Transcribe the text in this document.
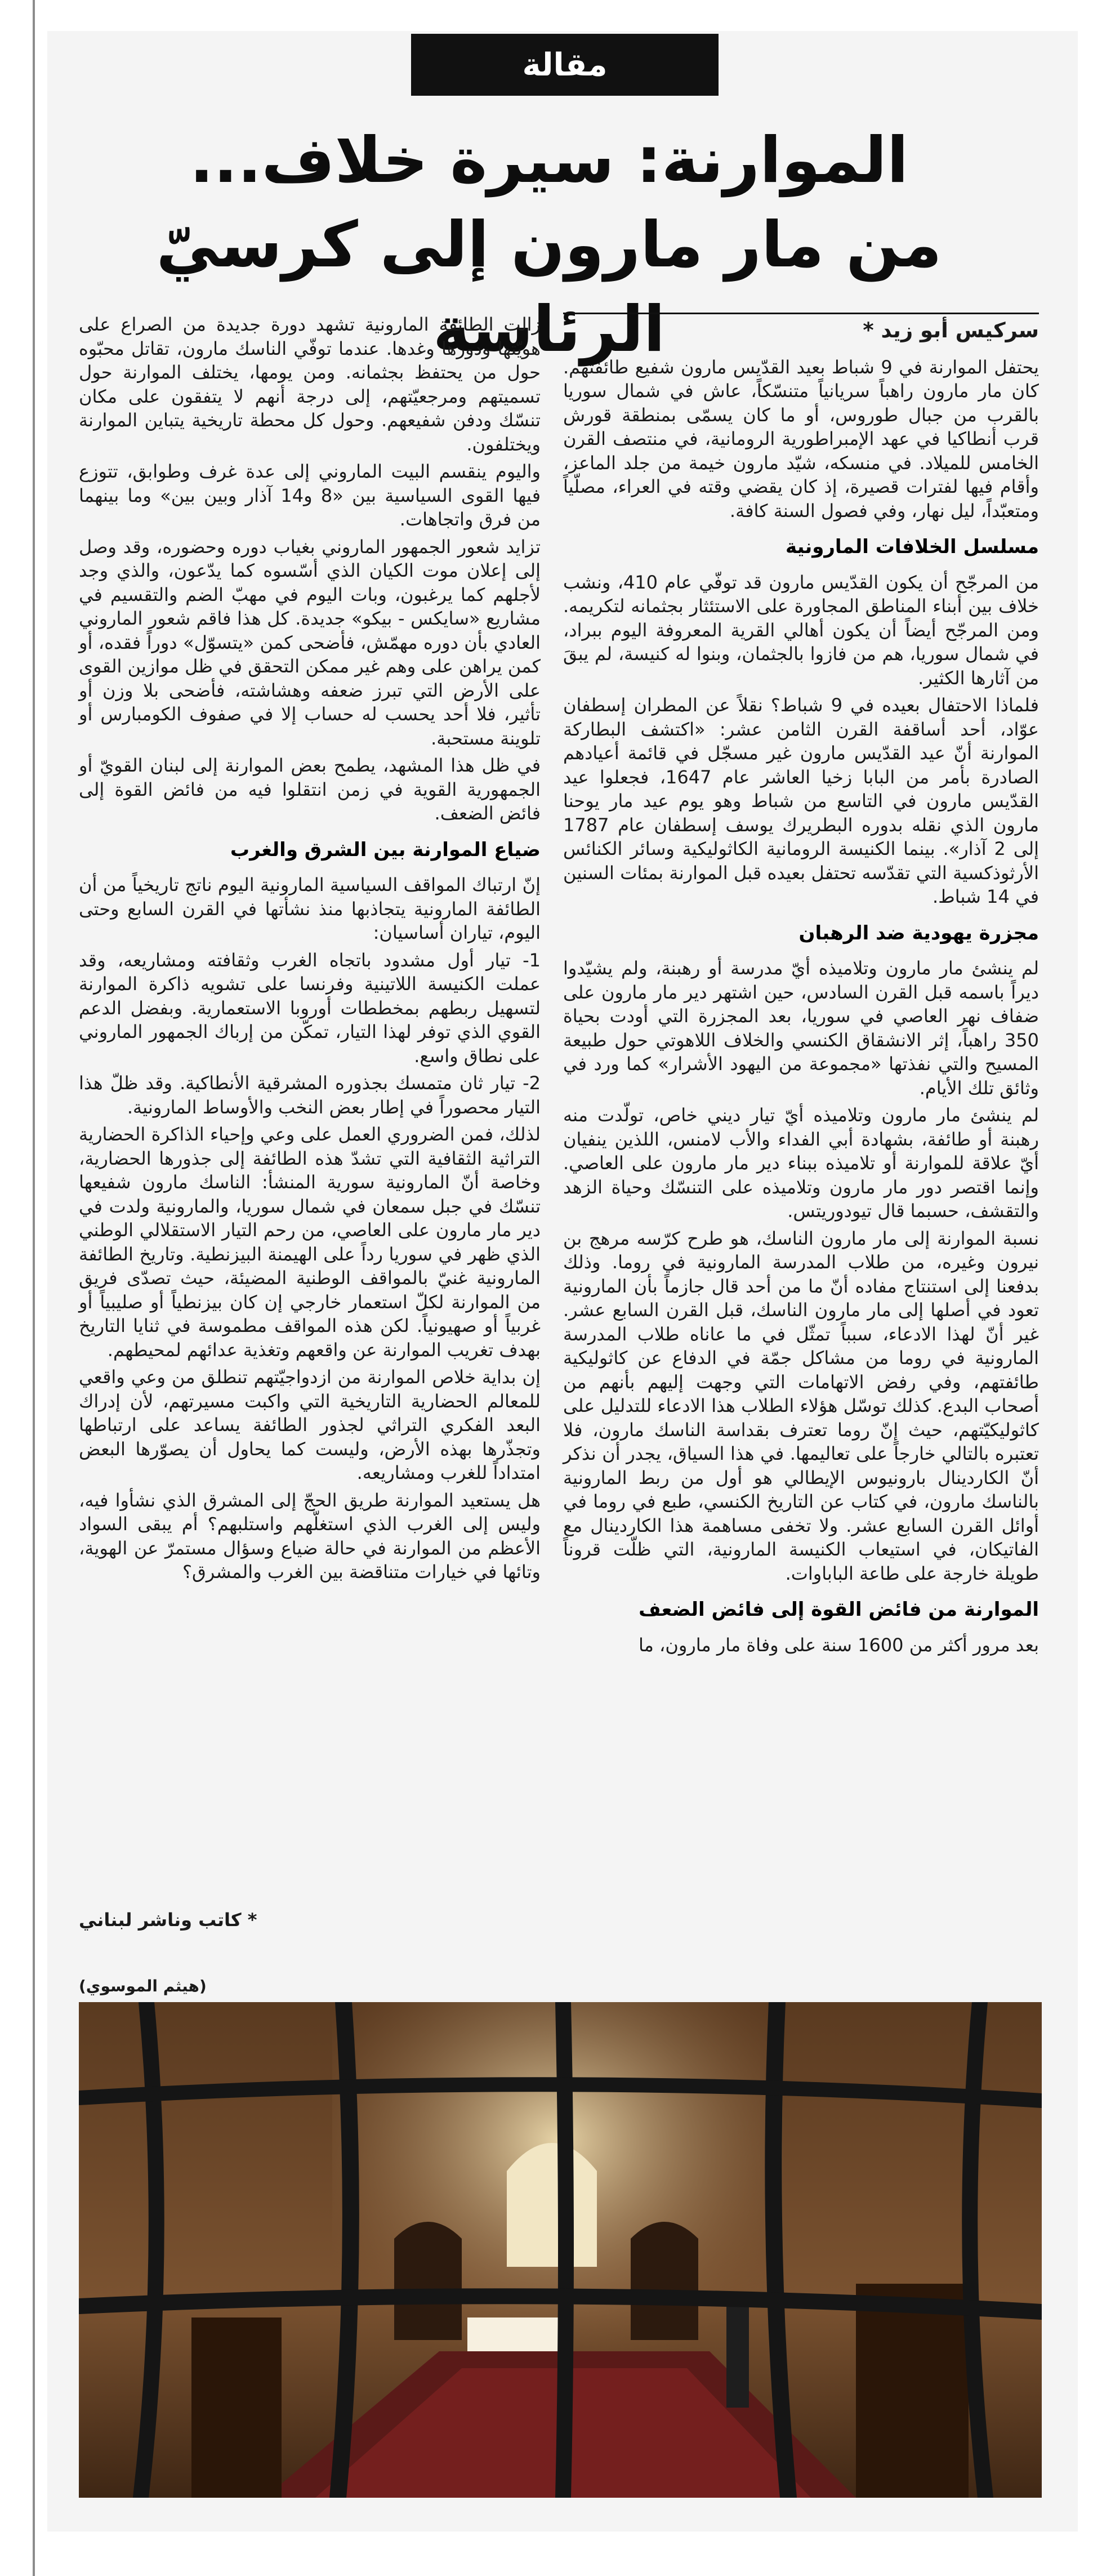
مقالة
الموارنة: سيرة خلاف...
من مار مارون إلى كرسيّ الرئاسة	سركيس أبو زيد *

يحتفل الموارنة في 9 شباط بعيد القدّيس مارون شفيع طائفتهم. كان مار مارون راهباً سريانياً متنسّكاً، عاش في شمال سوريا بالقرب من جبال طوروس، أو ما كان يسمّى بمنطقة قورش قرب أنطاكيا في عهد الإمبراطورية الرومانية، في منتصف القرن الخامس للميلاد. في منسكه، شيّد مارون خيمة من جلد الماعز، وأقام فيها لفترات قصيرة، إذ كان يقضي وقته في العراء، مصلّياً ومتعبّداً، ليل نهار، وفي فصول السنة كافة.

مسلسل الخلافات المارونية

من المرجّح أن يكون القدّيس مارون قد توفّي عام 410، ونشب خلاف بين أبناء المناطق المجاورة على الاستئثار بجثمانه لتكريمه. ومن المرجّح أيضاً أن يكون أهالي القرية المعروفة اليوم ببراد، في شمال سوريا، هم من فازوا بالجثمان، وبنوا له كنيسة، لم يبقَ من آثارها الكثير.

فلماذا الاحتفال بعيده في 9 شباط؟ نقلاً عن المطران إسطفان عوّاد، أحد أساقفة القرن الثامن عشر: «اكتشف البطاركة الموارنة أنّ عيد القدّيس مارون غير مسجّل في قائمة أعيادهم الصادرة بأمر من البابا زخيا العاشر عام 1647، فجعلوا عيد القدّيس مارون في التاسع من شباط وهو يوم عيد مار يوحنا مارون الذي نقله بدوره البطريرك يوسف إسطفان عام 1787 إلى 2 آذار». بينما الكنيسة الرومانية الكاثوليكية وسائر الكنائس الأرثوذكسية التي تقدّسه تحتفل بعيده قبل الموارنة بمئات السنين في 14 شباط.

مجزرة يهودية ضد الرهبان

لم ينشئ مار مارون وتلاميذه أيّ مدرسة أو رهبنة، ولم يشيّدوا ديراً باسمه قبل القرن السادس، حين اشتهر دير مار مارون على ضفاف نهر العاصي في سوريا، بعد المجزرة التي أودت بحياة 350 راهباً، إثر الانشقاق الكنسي والخلاف اللاهوتي حول طبيعة المسيح والتي نفذتها «مجموعة من اليهود الأشرار» كما ورد في وثائق تلك الأيام.

لم ينشئ مار مارون وتلاميذه أيّ تيار ديني خاص، تولّدت منه رهبنة أو طائفة، بشهادة أبي الفداء والأب لامنس، اللذين ينفيان أيّ علاقة للموارنة أو تلاميذه ببناء دير مار مارون على العاصي. وإنما اقتصر دور مار مارون وتلاميذه على التنسّك وحياة الزهد والتقشف، حسبما قال تيودوريتس.

نسبة الموارنة إلى مار مارون الناسك، هو طرح كرّسه مرهج بن نيرون وغيره، من طلاب المدرسة المارونية في روما. وذلك بدفعنا إلى استنتاج مفاده أنّ ما من أحد قال جازماً بأن المارونية تعود في أصلها إلى مار مارون الناسك، قبل القرن السابع عشر. غير أنّ لهذا الادعاء، سبباً تمثّل في ما عاناه طلاب المدرسة المارونية في روما من مشاكل جمّة في الدفاع عن كاثوليكية طائفتهم، وفي رفض الاتهامات التي وجهت إليهم بأنهم من أصحاب البدع. كذلك توسّل هؤلاء الطلاب هذا الادعاء للتدليل على كاثوليكيّتهم، حيث إنّ روما تعترف بقداسة الناسك مارون، فلا تعتبره بالتالي خارجاً على تعاليمها. في هذا السياق، يجدر أن نذكر أنّ الكاردينال بارونيوس الإيطالي هو أول من ربط المارونية بالناسك مارون، في كتاب عن التاريخ الكنسي، طبع في روما في أوائل القرن السابع عشر. ولا تخفى مساهمة هذا الكاردينال مع الفاتيكان، في استيعاب الكنيسة المارونية، التي ظلّت قروناً طويلة خارجة على طاعة الباباوات.

الموارنة من فائض القوة إلى فائض الضعف

بعد مرور أكثر من 1600 سنة على وفاة مار مارون، ما

زالت الطائفة المارونية تشهد دورة جديدة من الصراع على هويّتها ودورها وغدها. عندما توفّي الناسك مارون، تقاتل محبّوه حول من يحتفظ بجثمانه. ومن يومها، يختلف الموارنة حول تسميتهم ومرجعيّتهم، إلى درجة أنهم لا يتفقون على مكان تنسّك ودفن شفيعهم. وحول كل محطة تاريخية يتباين الموارنة ويختلفون.

واليوم ينقسم البيت الماروني إلى عدة غرف وطوابق، تتوزع فيها القوى السياسية بين «8 و14 آذار وبين بين» وما بينهما من فرق واتجاهات.

تزايد شعور الجمهور الماروني بغياب دوره وحضوره، وقد وصل إلى إعلان موت الكيان الذي أسّسوه كما يدّعون، والذي وجد لأجلهم كما يرغبون، وبات اليوم في مهبّ الضم والتقسيم في مشاريع «سايكس - بيكو» جديدة. كل هذا فاقم شعور الماروني العادي بأن دوره مهمّش، فأضحى كمن «يتسوّل» دوراً فقده، أو كمن يراهن على وهم غير ممكن التحقق في ظل موازين القوى على الأرض التي تبرز ضعفه وهشاشته، فأضحى بلا وزن أو تأثير، فلا أحد يحسب له حساب إلا في صفوف الكومبارس أو تلوينة مستحبة.

في ظل هذا المشهد، يطمح بعض الموارنة إلى لبنان القويّ أو الجمهورية القوية في زمن انتقلوا فيه من فائض القوة إلى فائض الضعف.

ضياع الموارنة بين الشرق والغرب

إنّ ارتباك المواقف السياسية المارونية اليوم ناتج تاريخياً من أن الطائفة المارونية يتجاذبها منذ نشأتها في القرن السابع وحتى اليوم، تياران أساسيان:

1- تيار أول مشدود باتجاه الغرب وثقافته ومشاريعه، وقد عملت الكنيسة اللاتينية وفرنسا على تشويه ذاكرة الموارنة لتسهيل ربطهم بمخططات أوروبا الاستعمارية. وبفضل الدعم القوي الذي توفر لهذا التيار، تمكّن من إرباك الجمهور الماروني على نطاق واسع.

2- تيار ثان متمسك بجذوره المشرقية الأنطاكية. وقد ظلّ هذا التيار محصوراً في إطار بعض النخب والأوساط المارونية.

لذلك، فمن الضروري العمل على وعي وإحياء الذاكرة الحضارية التراثية الثقافية التي تشدّ هذه الطائفة إلى جذورها الحضارية، وخاصة أنّ المارونية سورية المنشأ: الناسك مارون شفيعها تنسّك في جبل سمعان في شمال سوريا، والمارونية ولدت في دير مار مارون على العاصي، من رحم التيار الاستقلالي الوطني الذي ظهر في سوريا رداً على الهيمنة البيزنطية. وتاريخ الطائفة المارونية غنيّ بالمواقف الوطنية المضيئة، حيث تصدّى فريق من الموارنة لكلّ استعمار خارجي إن كان بيزنطياً أو صليبياً أو غربياً أو صهيونياً. لكن هذه المواقف مطموسة في ثنايا التاريخ بهدف تغريب الموارنة عن واقعهم وتغذية عدائهم لمحيطهم.

إن بداية خلاص الموارنة من ازدواجيّتهم تنطلق من وعي واقعي للمعالم الحضارية التاريخية التي واكبت مسيرتهم، لأن إدراك البعد الفكري التراثي لجذور الطائفة يساعد على ارتباطها وتجذّرها بهذه الأرض، وليست كما يحاول أن يصوّرها البعض امتداداً للغرب ومشاريعه.

هل يستعيد الموارنة طريق الحجّ إلى المشرق الذي نشأوا فيه، وليس إلى الغرب الذي استغلّهم واستلبهم؟ أم يبقى السواد الأعظم من الموارنة في حالة ضياع وسؤال مستمرّ عن الهوية، وتائها في خيارات متناقضة بين الغرب والمشرق؟

* كاتب وناشر لبناني
(هيثم الموسوي)
